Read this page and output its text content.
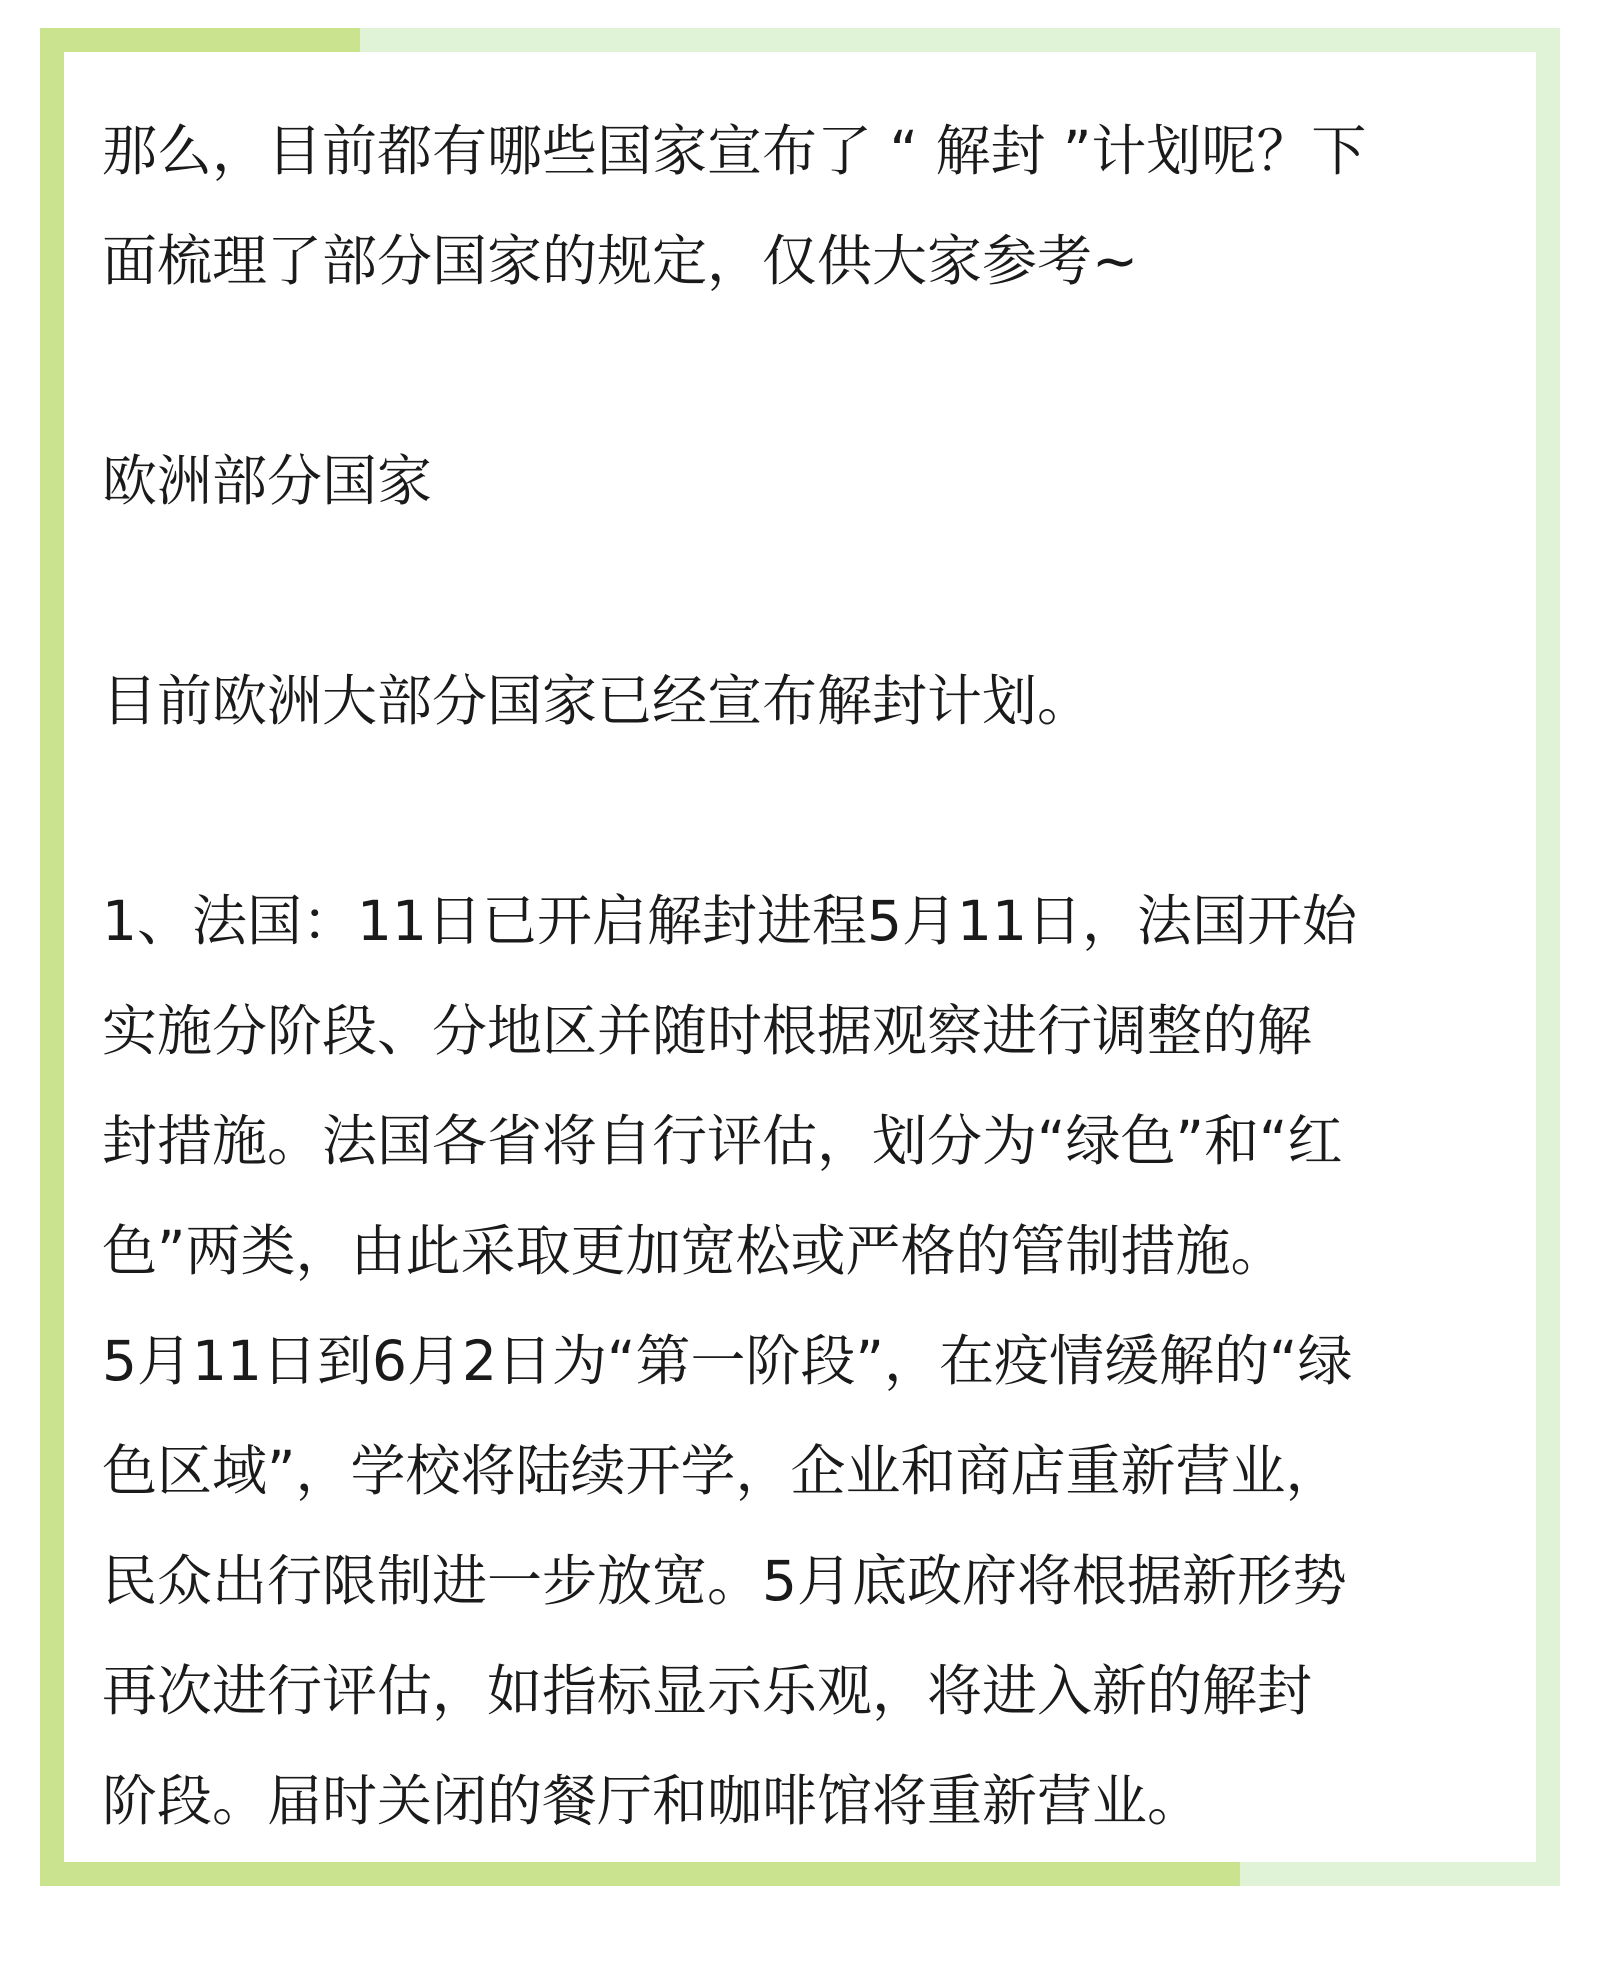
那么，目前都有哪些国家宣布了 “ 解封 ”计划呢？下

面梳理了部分国家的规定，仅供大家参考~

欧洲部分国家

目前欧洲大部分国家已经宣布解封计划。

1、法国：11日已开启解封进程5月11日，法国开始

实施分阶段、分地区并随时根据观察进行调整的解

封措施。法国各省将自行评估，划分为“绿色”和“红

色”两类，由此采取更加宽松或严格的管制措施。

5月11日到6月2日为“第一阶段”，在疫情缓解的“绿

色区域”，学校将陆续开学，企业和商店重新营业，

民众出行限制进一步放宽。5月底政府将根据新形势

再次进行评估，如指标显示乐观，将进入新的解封

阶段。届时关闭的餐厅和咖啡馆将重新营业。
